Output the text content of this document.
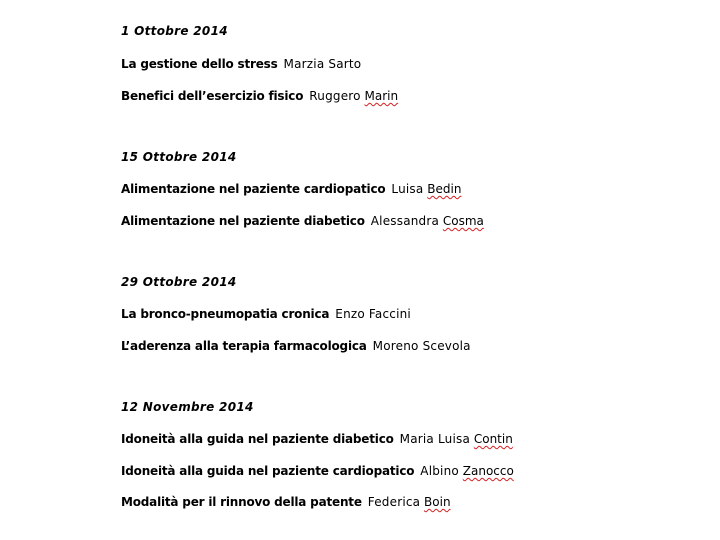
1 Ottobre 2014
La gestione dello stress Marzia Sarto
Benefici dell’esercizio fisico Ruggero Marin
15 Ottobre 2014
Alimentazione nel paziente cardiopatico Luisa Bedin
Alimentazione nel paziente diabetico Alessandra Cosma
29 Ottobre 2014
La bronco-pneumopatia cronica Enzo Faccini
L’aderenza alla terapia farmacologica Moreno Scevola
12 Novembre 2014
Idoneità alla guida nel paziente diabetico Maria Luisa Contin
Idoneità alla guida nel paziente cardiopatico Albino Zanocco
Modalità per il rinnovo della patente Federica Boin
